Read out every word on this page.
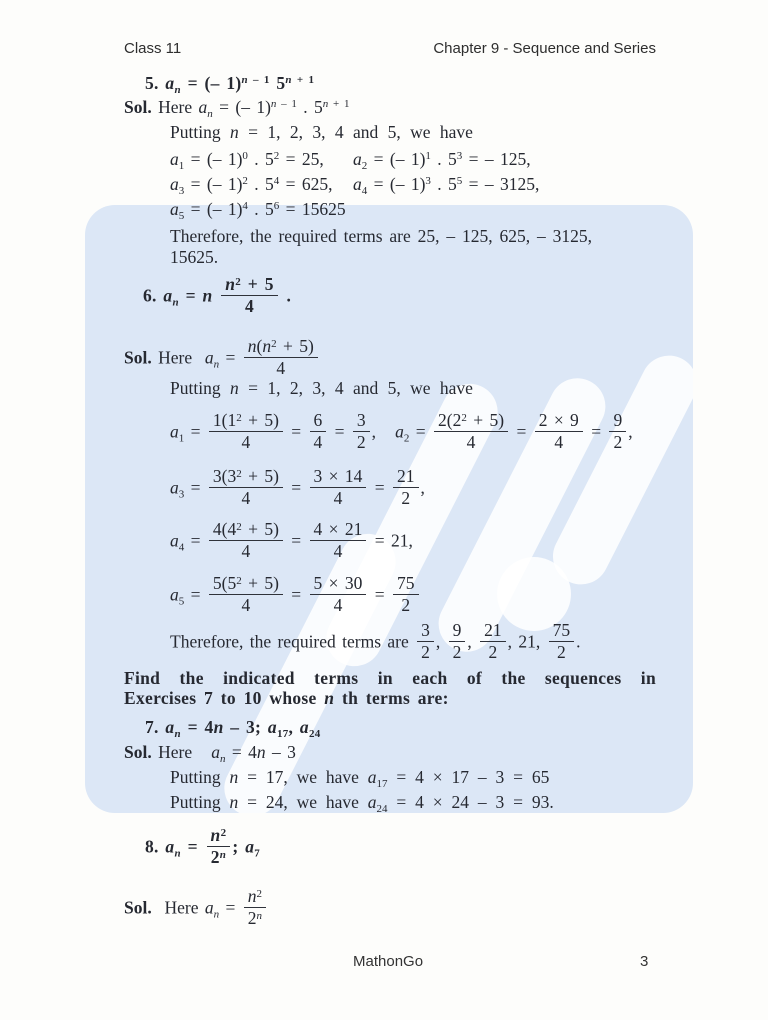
Class 11	Chapter 9 - Sequence and Series
5. $a_n$ = (– 1)$^{n - 1}$ $5^{n + 1}$
Sol. Here $a_n$ = (– 1)$^{n - 1}$ . $5^{n + 1}$
Putting n = 1, 2, 3, 4 and 5, we have
$a_1$ = (– 1)$^0$ . $5^2 = 25$, $a_2$ = (– 1)$^1$ . $5^3$ = – 125,
$a_3$ = (– 1)$^2$ . $5^4 = 625$, $a_4$ = (– 1)$^3$ . $5^5$ = – 3125,
$a_5$ = (– 1)$^4$ . $5^6 = 15625$
Therefore, the required terms are 25, – 125, 625, – 3125,
15625.
6. $a_n = n \frac{n^2 + 5}{4}$ .
Sol. Here  $a_n = \frac{n(n^2 + 5)}{4}$
Putting n = 1, 2, 3, 4 and 5, we have
$a_1 = \frac{1(1^2 + 5)}{4} = \frac{6}{4} = \frac{3}{2}$ ,   $a_2 = \frac{2(2^2 + 5)}{4} = \frac{2 \times 9}{4} = \frac{9}{2}$ ,
$a_3 = \frac{3(3^2 + 5)}{4} = \frac{3 \times 14}{4} = \frac{21}{2}$ ,
$a_4 = \frac{4(4^2 + 5)}{4} = \frac{4 \times 21}{4} = 21$,
$a_5 = \frac{5(5^2 + 5)}{4} = \frac{5 \times 30}{4} = \frac{75}{2}$
Therefore, the required terms are $\frac{3}{2}$ , $\frac{9}{2}$ , $\frac{21}{2}$ , 21, $\frac{75}{2}$ .
Find the indicated terms in each of the sequences in
Exercises 7 to 10 whose n th terms are:
7. $a_n = 4n - 3$; $a_{17}$, $a_{24}$
Sol. Here   $a_n = 4n - 3$
Putting n = 17, we have $a_{17} = 4 \times 17 - 3 = 65$
Putting n = 24, we have $a_{24} = 4 \times 24 - 3 = 93$.
8. $a_n = \frac{n^2}{2^n}$ ; $a_7$
Sol.  Here $a_n = \frac{n^2}{2^n}$
MathonGo	3
